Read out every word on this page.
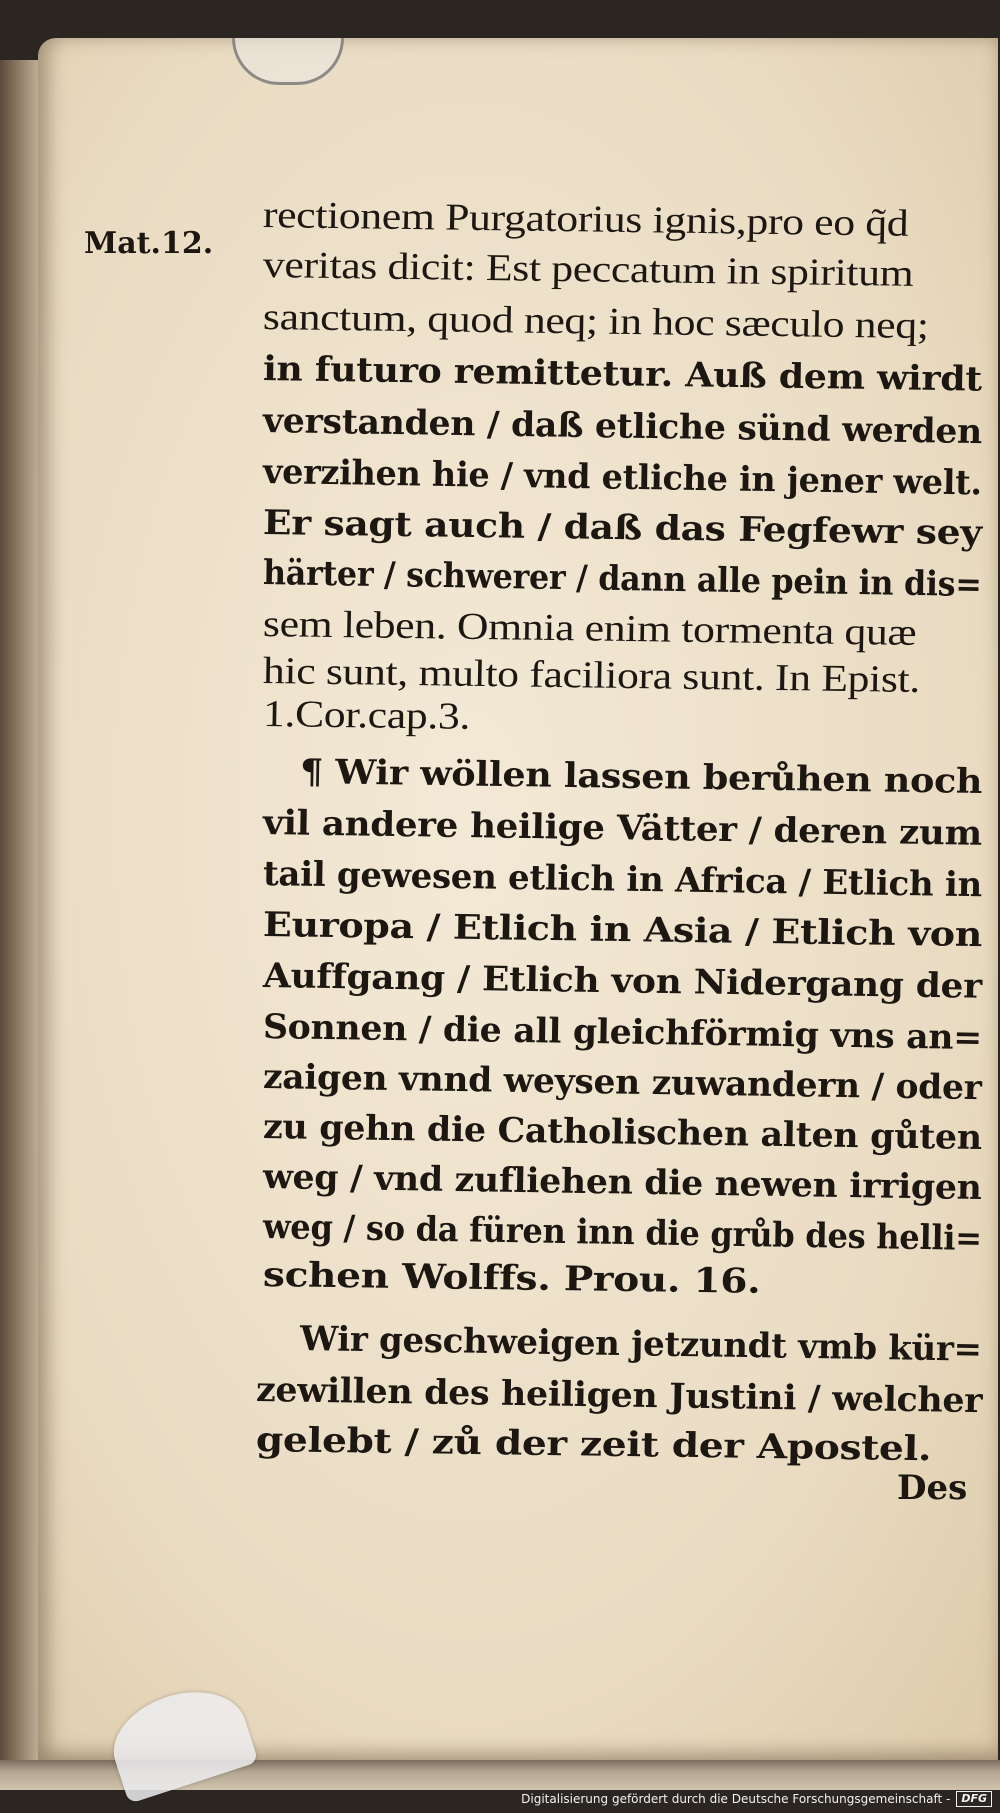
Mat.12. rectionem Purgatorius ignis,pro eo q̃d
veritas dicit: Est peccatum in spiritum
sanctum, quod neq; in hoc sæculo neq;
in futuro remittetur. Auß dem wirdt
verstanden / daß etliche sünd werden
verzihen hie / vnd etliche in jener welt.
Er sagt auch / daß das Fegfewr sey
härter / schwerer / dann alle pein in dis=
sem leben. Omnia enim tormenta quæ
hic sunt, multo faciliora sunt. In Epist.
1.Cor.cap.3.
¶ Wir wöllen lassen berůhen noch
vil andere heilige Vätter / deren zum
tail gewesen etlich in Africa / Etlich in
Europa / Etlich in Asia / Etlich von
Auffgang / Etlich von Nidergang der
Sonnen / die all gleichförmig vns an=
zaigen vnnd weysen zuwandern / oder
zu gehn die Catholischen alten gůten
weg / vnd zufliehen die newen irrigen
weg / so da füren inn die grůb des helli=
schen Wolffs. Prou. 16.
Wir geschweigen jetzundt vmb kür=
zewillen des heiligen Justini / welcher
gelebt / zů der zeit der Apostel.
Des
Digitalisierung gefördert durch die Deutsche Forschungsgemeinschaft -	DFG
